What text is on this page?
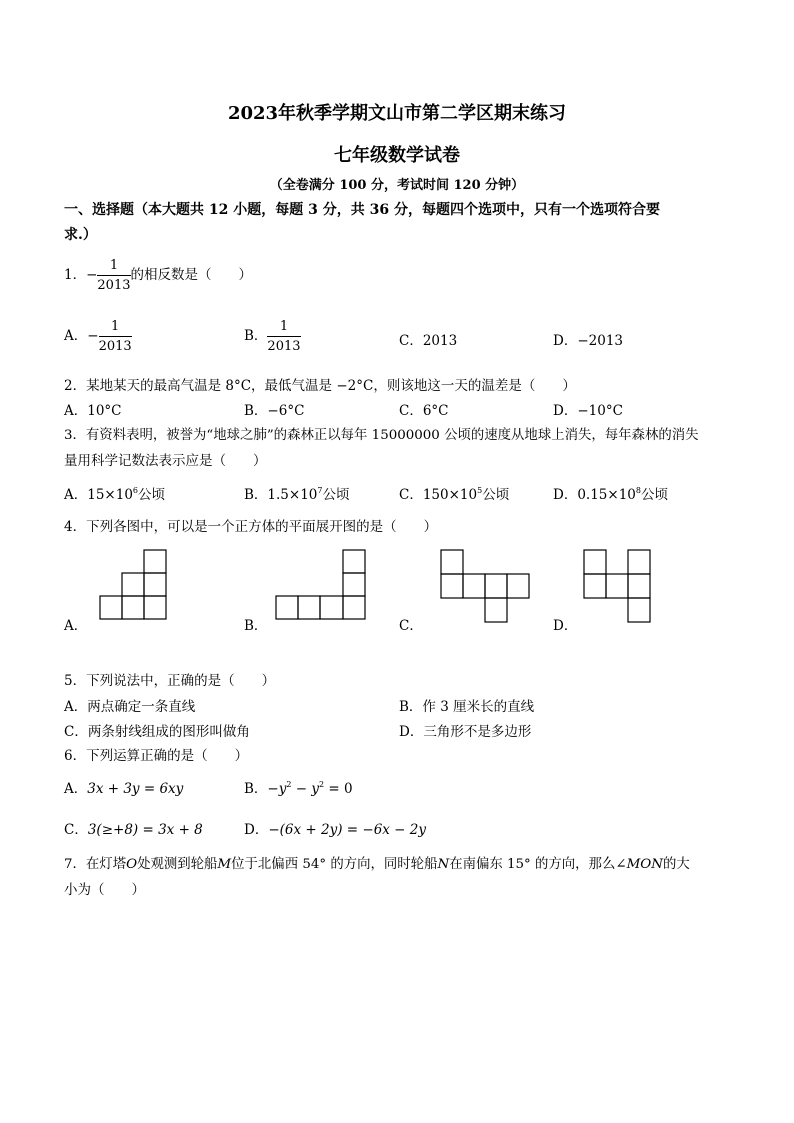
2023年秋季学期文山市第二学区期末练习
七年级数学试卷
（全卷满分 100 分，考试时间 120 分钟）
一、选择题（本大题共 12 小题，每题 3 分，共 36 分，每题四个选项中，只有一个选项符合要
求.）
1．− $\frac{1}{2013}$ 的相反数是（　　）
A．− $\frac{1}{2013}$	B． $\frac{1}{2013}$	C．2013	D．−2013
2．某地某天的最高气温是 8°C，最低气温是 −2°C，则该地这一天的温差是（　　）
A．10°C	B．−6°C	C．6°C	D．−10°C
3．有资料表明，被誉为“地球之肺”的森林正以每年 15000000 公顷的速度从地球上消失，每年森林的消失
量用科学记数法表示应是（　　）
A．$15\times 10^6$公顷	B．$1.5\times 10^7$公顷	C．$150\times 10^5$公顷	D．$0.15\times 10^8$公顷
4．下列各图中，可以是一个正方体的平面展开图的是（　　）
A．	B．	C．	D．
5．下列说法中，正确的是（　　）
A．两点确定一条直线	B．作 3 厘米长的直线
C．两条射线组成的图形叫做角	D．三角形不是多边形
6．下列运算正确的是（　　）
A．3x + 3y = 6xy	B．$-y^2 - y^2 = 0$
C．3(≥+8) = 3x + 8	D．−(6x + 2y) = −6x − 2y
7．在灯塔O处观测到轮船M位于北偏西 54° 的方向，同时轮船N在南偏东 15° 的方向，那么∠MON的大
小为（　　）
